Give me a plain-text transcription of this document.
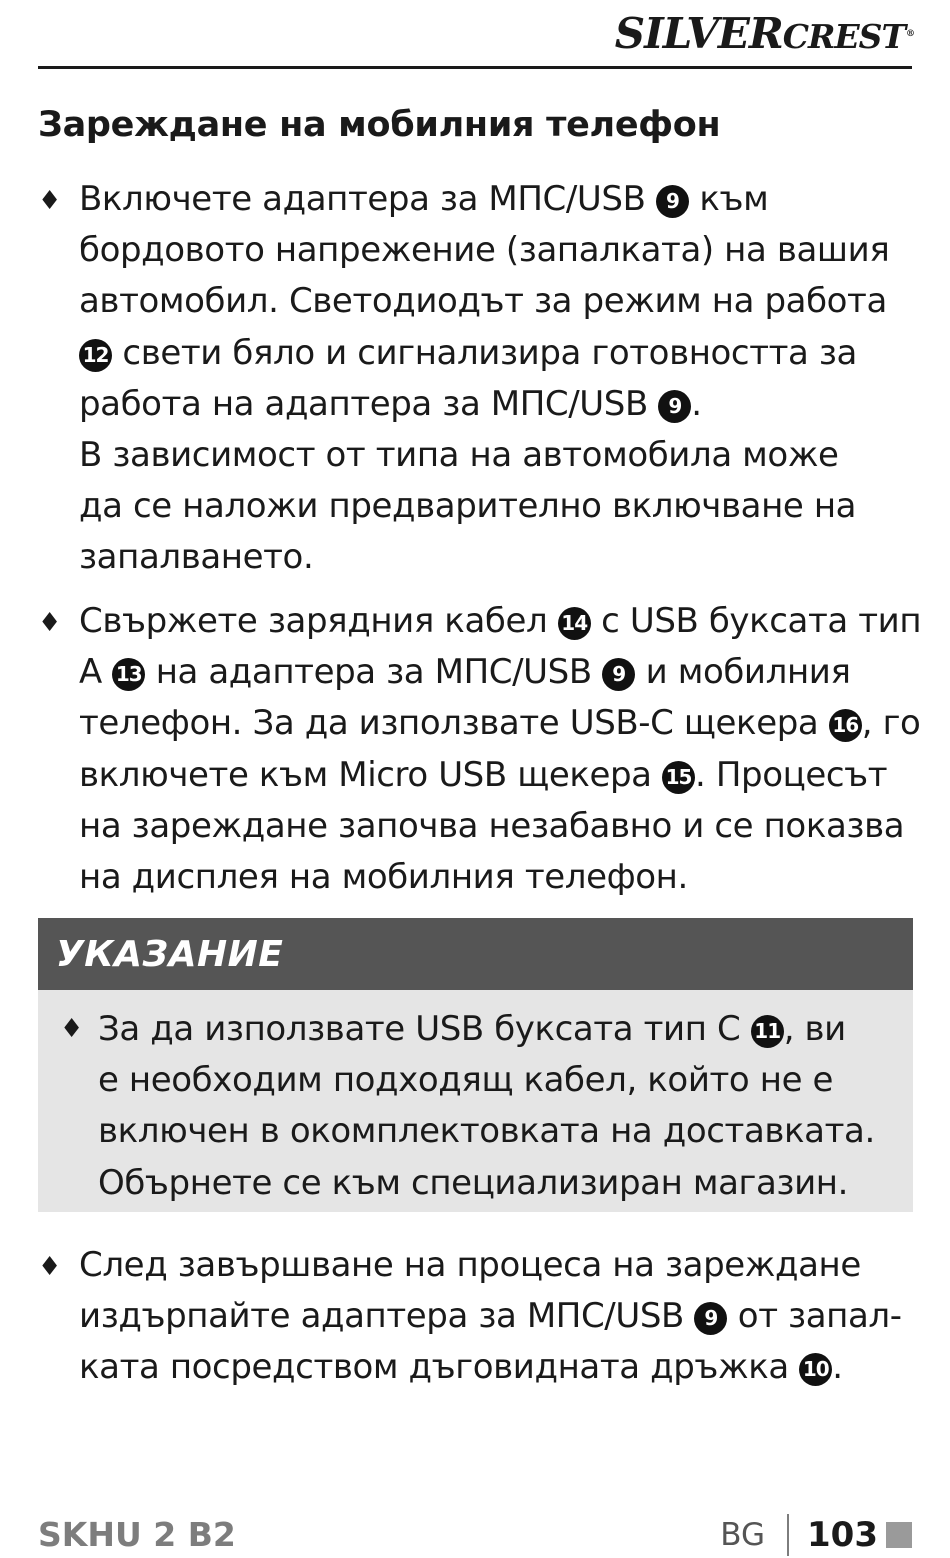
SILVERCREST®
Зареждане на мобилния телефон
♦ Включете адаптера за МПС/USB 9 към
бордовото напрежение (запалката) на вашия
автомобил. Светодиодът за режим на работа
12 свети бяло и сигнализира готовността за
работа на адаптера за МПС/USB 9 .
В зависимост от типа на автомобила може
да се наложи предварително включване на
запалването.
♦ Свържете зарядния кабел 14 с USB буксата тип
A 13 на адаптера за МПС/USB 9 и мобилния
телефон. За да използвате USB-C щекера 16 , го
включете към Micro USB щекера 15 . Процесът
на зареждане започва незабавно и се показва
на дисплея на мобилния телефон.
УКАЗАНИЕ
♦ За да използвате USB буксата тип C 11 , ви
е необходим подходящ кабел, който не е
включен в окомплектовката на доставката.
Обърнете се към специализиран магазин.
♦ След завършване на процеса на зареждане
издърпайте адаптера за МПС/USB 9 от запал-
ката посредством дъговидната дръжка 10 .
SKHU 2 B2	BG 103
